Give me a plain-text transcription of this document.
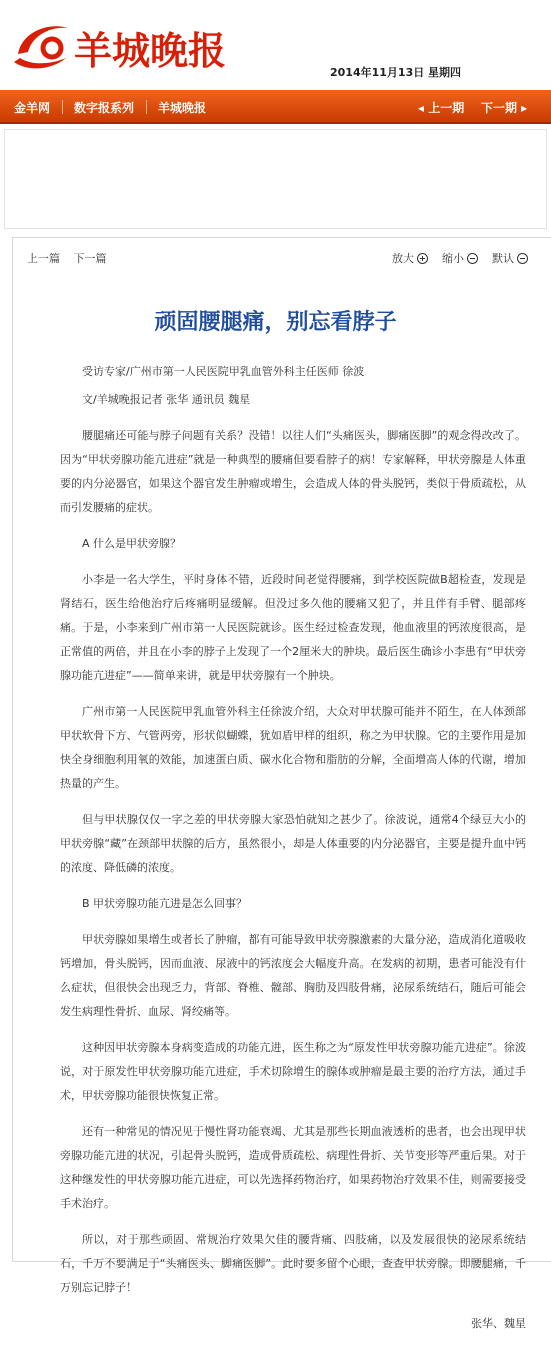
羊城晚报	2014年11月13日 星期四
金羊网 数字报系列 羊城晚报	◂ 上一期 下一期 ▸
上一篇 下一篇	放大	缩小	默认
顽固腰腿痛，别忘看脖子

受访专家/广州市第一人民医院甲乳血管外科主任医师 徐波

文/羊城晚报记者 张华 通讯员 魏星

腰腿痛还可能与脖子问题有关系？没错！以往人们“头痛医头，脚痛医脚”的观念得改改了。因为“甲状旁腺功能亢进症”就是一种典型的腰痛但要看脖子的病！专家解释，甲状旁腺是人体重要的内分泌器官，如果这个器官发生肿瘤或增生，会造成人体的骨头脱钙，类似于骨质疏松，从而引发腰痛的症状。

A 什么是甲状旁腺？

小李是一名大学生，平时身体不错，近段时间老觉得腰痛，到学校医院做B超检查，发现是肾结石，医生给他治疗后疼痛明显缓解。但没过多久他的腰痛又犯了，并且伴有手臂、腿部疼痛。于是，小李来到广州市第一人民医院就诊。医生经过检查发现，他血液里的钙浓度很高，是正常值的两倍，并且在小李的脖子上发现了一个2厘米大的肿块。最后医生确诊小李患有“甲状旁腺功能亢进症”——简单来讲，就是甲状旁腺有一个肿块。

广州市第一人民医院甲乳血管外科主任徐波介绍，大众对甲状腺可能并不陌生，在人体颈部甲状软骨下方、气管两旁，形状似蝴蝶，犹如盾甲样的组织，称之为甲状腺。它的主要作用是加快全身细胞利用氧的效能，加速蛋白质、碳水化合物和脂肪的分解，全面增高人体的代谢，增加热量的产生。

但与甲状腺仅仅一字之差的甲状旁腺大家恐怕就知之甚少了。徐波说，通常4个绿豆大小的甲状旁腺“藏”在颈部甲状腺的后方，虽然很小，却是人体重要的内分泌器官，主要是提升血中钙的浓度、降低磷的浓度。

B 甲状旁腺功能亢进是怎么回事？

甲状旁腺如果增生或者长了肿瘤，都有可能导致甲状旁腺激素的大量分泌，造成消化道吸收钙增加，骨头脱钙，因而血液、尿液中的钙浓度会大幅度升高。在发病的初期，患者可能没有什么症状，但很快会出现乏力，背部、脊椎、髋部、胸肋及四肢骨痛，泌尿系统结石，随后可能会发生病理性骨折、血尿、肾绞痛等。

这种因甲状旁腺本身病变造成的功能亢进，医生称之为“原发性甲状旁腺功能亢进症”。徐波说，对于原发性甲状旁腺功能亢进症，手术切除增生的腺体或肿瘤是最主要的治疗方法，通过手术，甲状旁腺功能很快恢复正常。

还有一种常见的情况见于慢性肾功能衰竭、尤其是那些长期血液透析的患者，也会出现甲状旁腺功能亢进的状况，引起骨头脱钙，造成骨质疏松、病理性骨折、关节变形等严重后果。对于这种继发性的甲状旁腺功能亢进症，可以先选择药物治疗，如果药物治疗效果不佳，则需要接受手术治疗。

所以，对于那些顽固、常规治疗效果欠佳的腰背痛、四肢痛，以及发展很快的泌尿系统结石，千万不要满足于“头痛医头、脚痛医脚”。此时要多留个心眼，查查甲状旁腺。即腰腿痛，千万别忘记脖子！

张华、魏星
